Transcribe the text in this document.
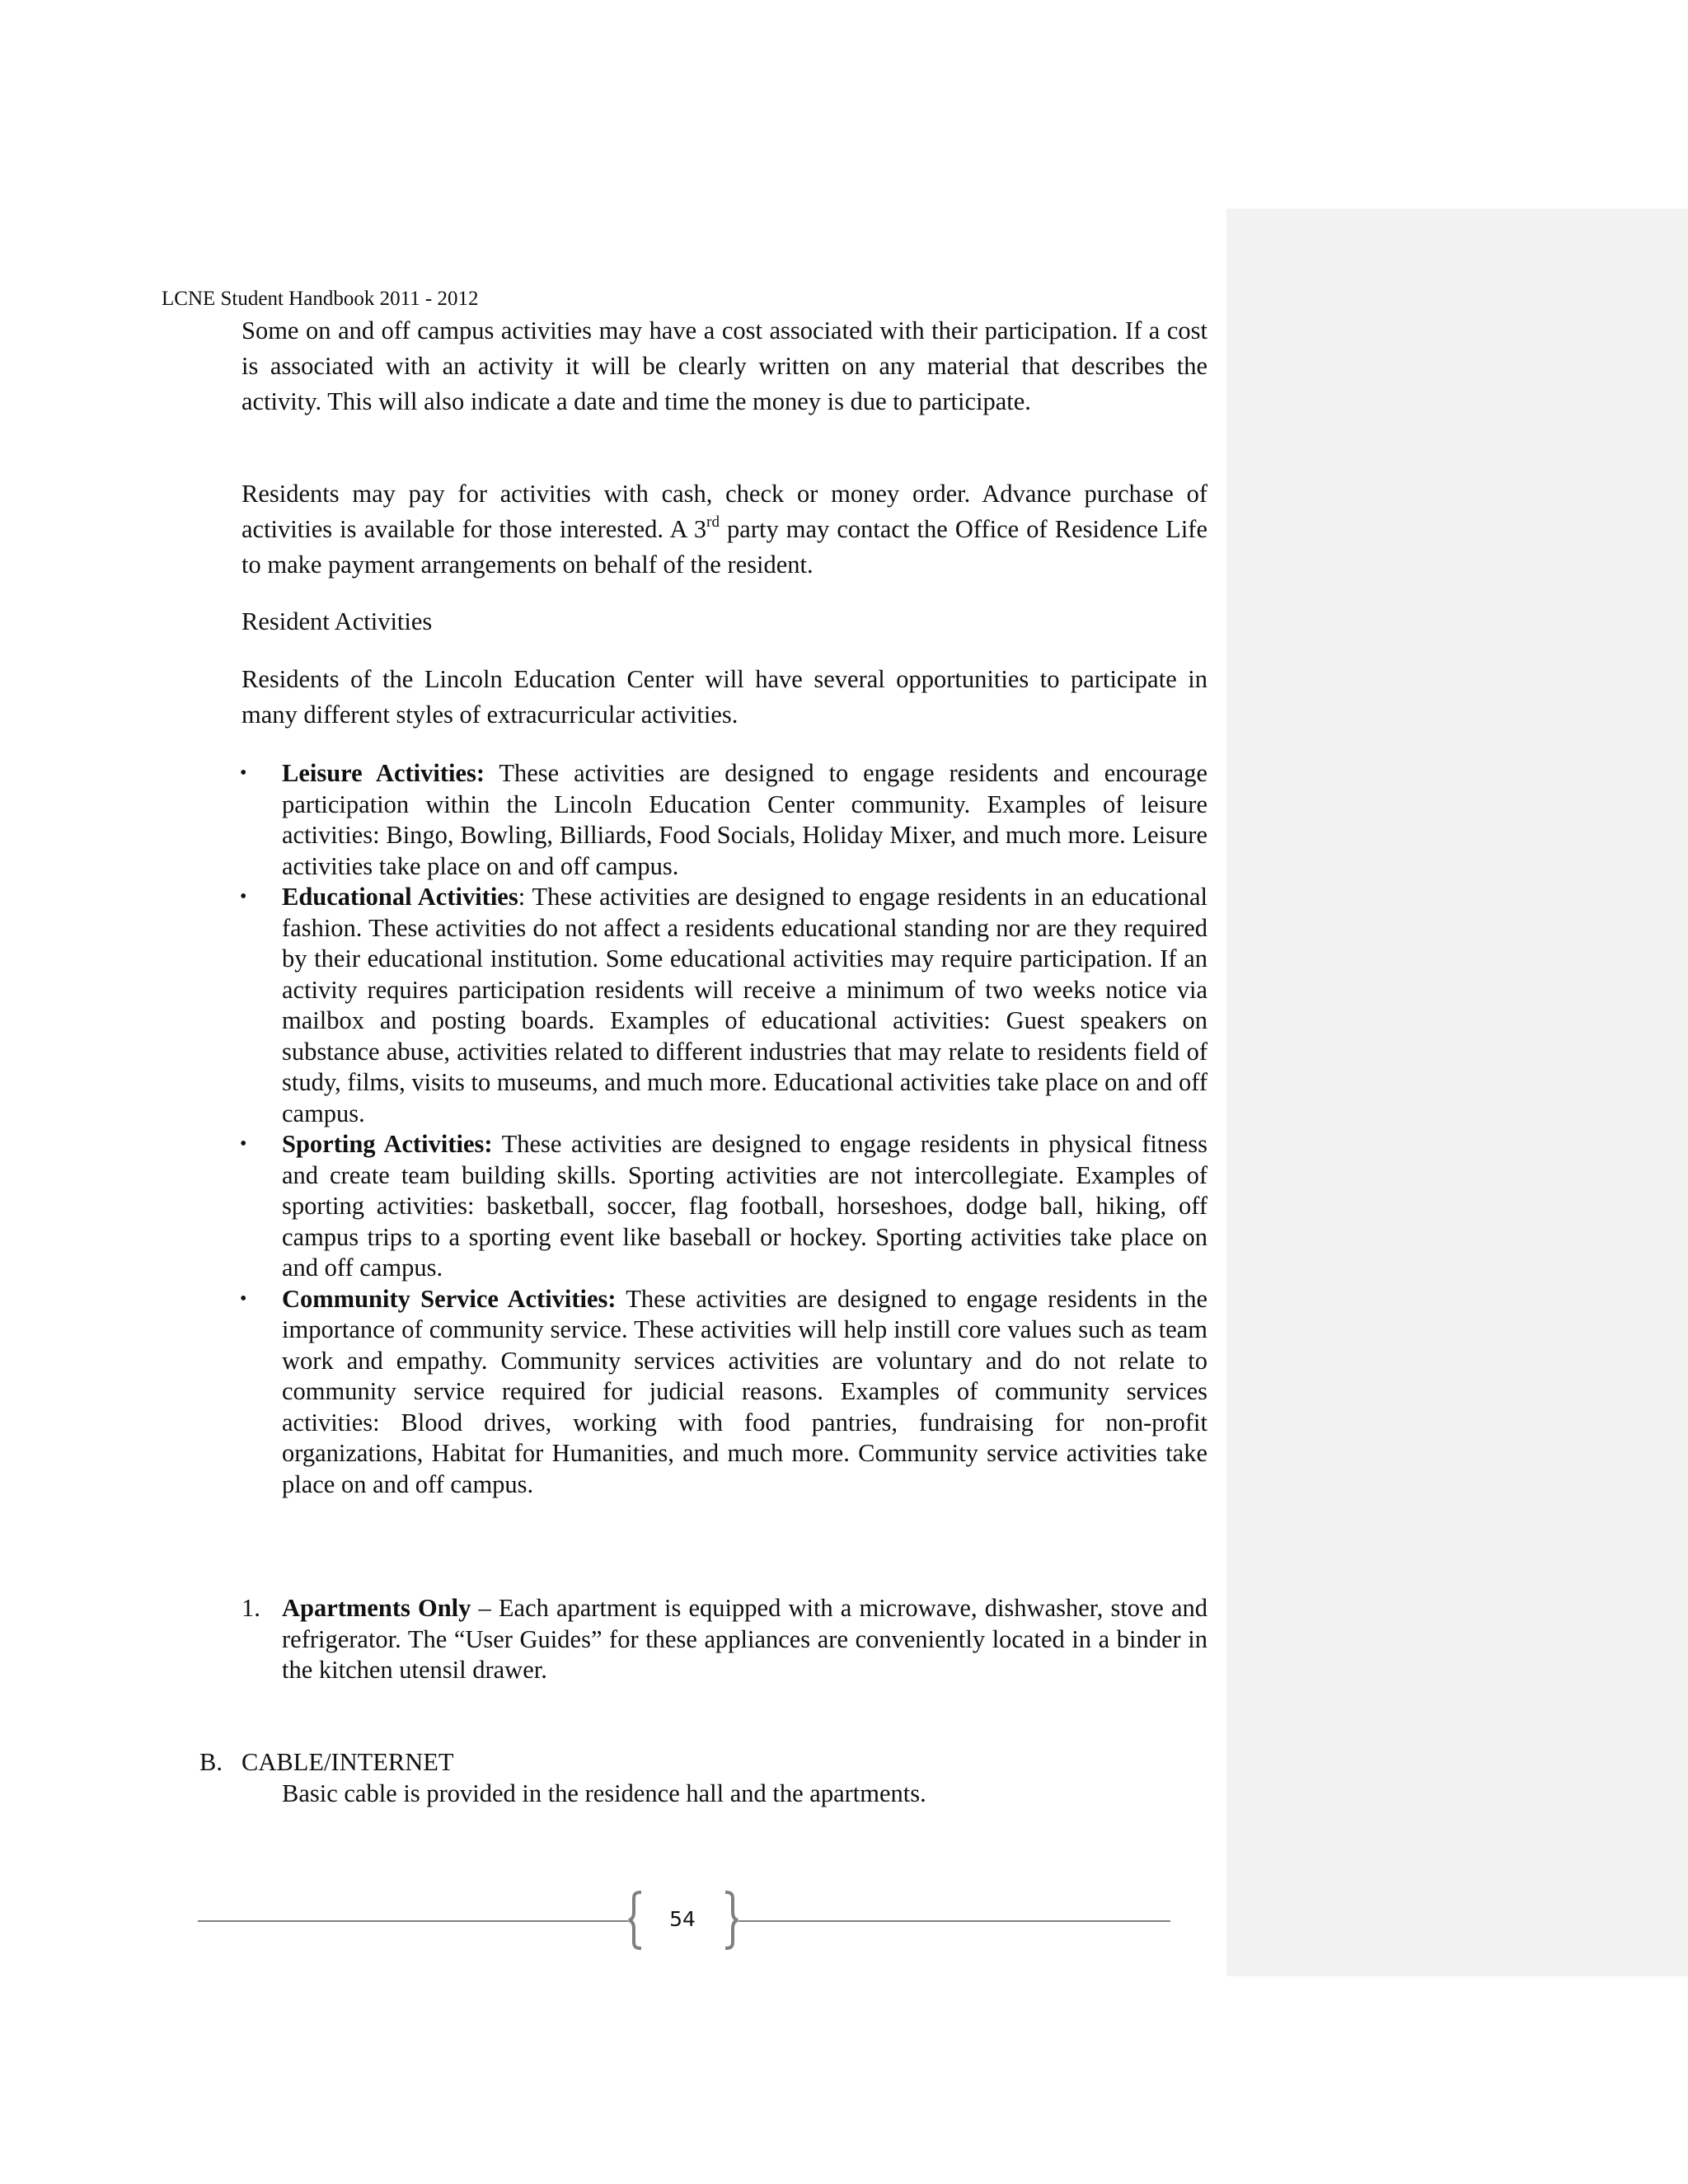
LCNE Student Handbook 2011 - 2012

Some on and off campus activities may have a cost associated with their participation. If a cost is associated with an activity it will be clearly written on any material that describes the activity. This will also indicate a date and time the money is due to participate.

Residents may pay for activities with cash, check or money order. Advance purchase of activities is available for those interested. A 3rd party may contact the Office of Residence Life to make payment arrangements on behalf of the resident.

Resident Activities

Residents of the Lincoln Education Center will have several opportunities to participate in many different styles of extracurricular activities.

• Leisure Activities: These activities are designed to engage residents and encourage participation within the Lincoln Education Center community. Examples of leisure activities: Bingo, Bowling, Billiards, Food Socials, Holiday Mixer, and much more. Leisure activities take place on and off campus.
• Educational Activities: These activities are designed to engage residents in an educational fashion. These activities do not affect a residents educational standing nor are they required by their educational institution. Some educational activities may require participation. If an activity requires participation residents will receive a minimum of two weeks notice via mailbox and posting boards. Examples of educational activities: Guest speakers on substance abuse, activities related to different industries that may relate to residents field of study, films, visits to museums, and much more. Educational activities take place on and off campus.
• Sporting Activities: These activities are designed to engage residents in physical fitness and create team building skills. Sporting activities are not intercollegiate. Examples of sporting activities: basketball, soccer, flag football, horseshoes, dodge ball, hiking, off campus trips to a sporting event like baseball or hockey. Sporting activities take place on and off campus.
• Community Service Activities: These activities are designed to engage residents in the importance of community service. These activities will help instill core values such as team work and empathy. Community services activities are voluntary and do not relate to community service required for judicial reasons. Examples of community services activities: Blood drives, working with food pantries, fundraising for non-profit organizations, Habitat for Humanities, and much more. Community service activities take place on and off campus.
1. Apartments Only – Each apartment is equipped with a microwave, dishwasher, stove and refrigerator. The “User Guides” for these appliances are conveniently located in a binder in the kitchen utensil drawer.
B. CABLE/INTERNET
Basic cable is provided in the residence hall and the apartments.
54
